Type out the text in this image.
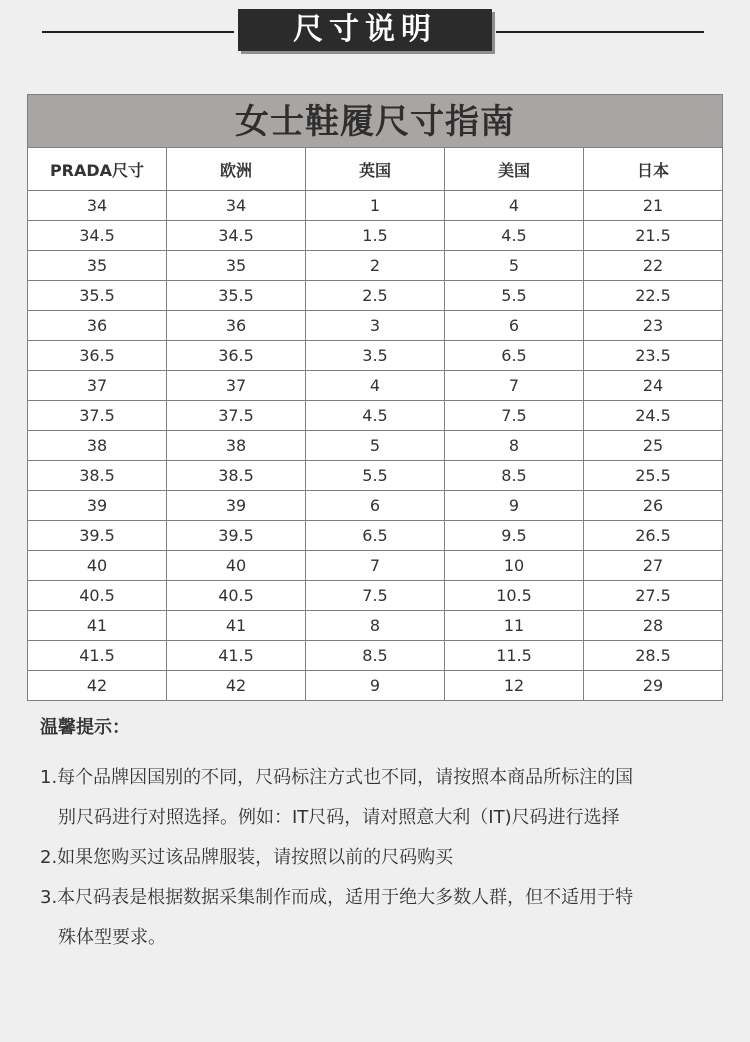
尺寸说明
女士鞋履尺寸指南
PRADA尺寸	欧洲	英国	美国	日本
34	34	1	4	21
34.5	34.5	1.5	4.5	21.5
35	35	2	5	22
35.5	35.5	2.5	5.5	22.5
36	36	3	6	23
36.5	36.5	3.5	6.5	23.5
37	37	4	7	24
37.5	37.5	4.5	7.5	24.5
38	38	5	8	25
38.5	38.5	5.5	8.5	25.5
39	39	6	9	26
39.5	39.5	6.5	9.5	26.5
40	40	7	10	27
40.5	40.5	7.5	10.5	27.5
41	41	8	11	28
41.5	41.5	8.5	11.5	28.5
42	42	9	12	29
温馨提示：
1.每个品牌因国别的不同，尺码标注方式也不同，请按照本商品所标注的国
别尺码进行对照选择。例如：IT尺码，请对照意大利（IT)尺码进行选择
2.如果您购买过该品牌服装，请按照以前的尺码购买
3.本尺码表是根据数据采集制作而成，适用于绝大多数人群，但不适用于特
殊体型要求。
